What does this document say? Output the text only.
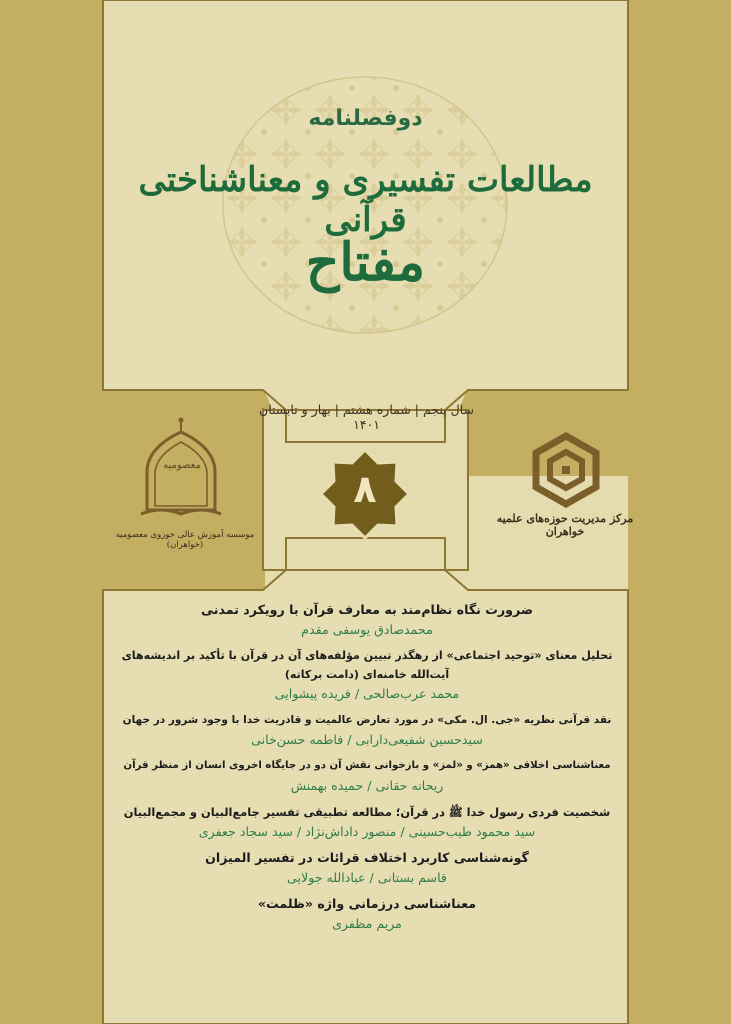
دوفصلنامه
مطالعات تفسیری و معناشناختی قرآنی
مفتاح
سال پنجم | شماره هشتم | بهار و تابستان ۱۴۰۱
۸
معصومیه
موسسه آموزش عالی حوزوی معصومیه (خواهران)
مرکز مدیریت حوزه‌های علمیه خواهران
ضرورت نگاه نظام‌مند به معارف قرآن با رویکرد تمدنی
محمدصادق یوسفی مقدم
تحلیل معنای «توحید اجتماعی» از رهگذر تبیین مؤلفه‌های آن در قرآن با تأکید بر اندیشه‌های
آیت‌الله خامنه‌ای (دامت برکاته)
محمد عرب‌صالحی / فریده پیشوایی
نقد قرآنی نظریه «جی. ال. مکی» در مورد تعارض عالمیت و قادریت خدا با وجود شرور در جهان
سیدحسین شفیعی‌دارابی / فاطمه حسن‌خانی
معناشناسی اخلاقی «همز» و «لمز» و بازخوانی نقش آن دو در جایگاه اخروی انسان از منظر قرآن
ریحانه حقانی / حمیده بهمنش
شخصیت فردی رسول خدا ﷺ در قرآن؛ مطالعه تطبیقی تفسیر جامع‌البیان و مجمع‌البیان
سید محمود طیب‌حسینی / منصور داداش‌نژاد / سید سجاد جعفری
گونه‌شناسی کاربرد اختلاف قرائات در تفسیر المیزان
قاسم بستانی / عبادالله جولایی
معناشناسی درزمانی واژه «ظلمت»
مریم مظفری
